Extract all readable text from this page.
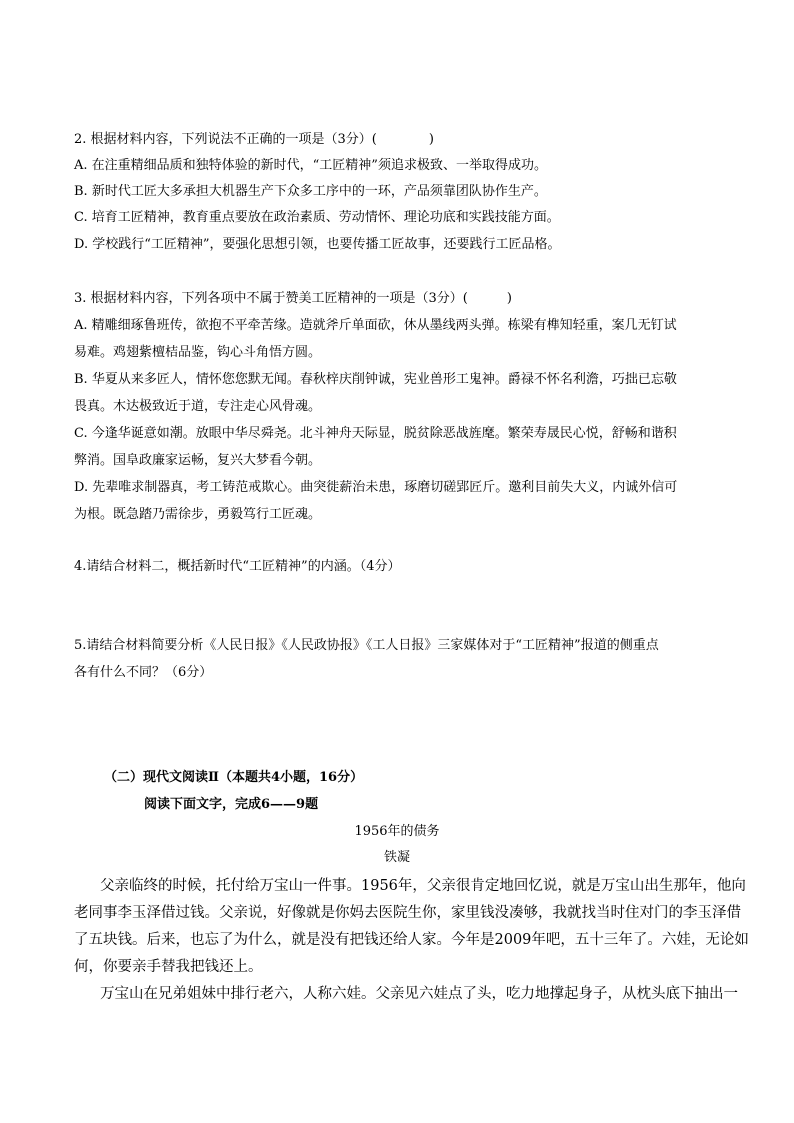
2. 根据材料内容，下列说法不正确的一项是（3分）(　　　　)
A. 在注重精细品质和独特体验的新时代，“工匠精神”须追求极致、一举取得成功。
B. 新时代工匠大多承担大机器生产下众多工序中的一环，产品须靠团队协作生产。
C. 培育工匠精神，教育重点要放在政治素质、劳动情怀、理论功底和实践技能方面。
D. 学校践行“工匠精神”，要强化思想引领，也要传播工匠故事，还要践行工匠品格。
3. 根据材料内容，下列各项中不属于赞美工匠精神的一项是（3分）(　　　)
A. 精雕细琢鲁班传，欲抱不平牵苦缘。造就斧斤单面砍，休从墨线两头弹。栋梁有榫知轻重，案几无钉试
易难。鸡翅紫檀桔品鉴，钩心斗角悟方圆。
B. 华夏从来多匠人，情怀您您默无闻。春秋梓庆削钟诚，宪业兽形工鬼神。爵禄不怀名利澹，巧拙已忘敬
畏真。木达极致近于道，专注走心风骨魂。
C. 今逢华诞意如潮。放眼中华尽舜尧。北斗神舟天际显，脱贫除恶战旌麾。繁荣寿晟民心悦，舒畅和谐积
弊消。国阜政廉家运畅，复兴大梦看今朝。
D. 先辈唯求制器真，考工铸范戒欺心。曲突徙薪治未患，琢磨切磋郢匠斤。邀利目前失大义，内诚外信可
为根。既急踏乃需徐步，勇毅笃行工匠魂。
4.请结合材料二，概括新时代“工匠精神”的内涵。（4分）
5.请结合材料简要分析《人民日报》《人民政协报》《工人日报》三家媒体对于“工匠精神”报道的侧重点
各有什么不同？（6分）
（二）现代文阅读Ⅱ（本题共4小题，16分）
阅读下面文字，完成6——9题
1956年的债务
铁凝
父亲临终的时候，托付给万宝山一件事。1956年，父亲很肯定地回忆说，就是万宝山出生那年，他向
老同事李玉泽借过钱。父亲说，好像就是你妈去医院生你，家里钱没凑够，我就找当时住对门的李玉泽借
了五块钱。后来，也忘了为什么，就是没有把钱还给人家。今年是2009年吧，五十三年了。六娃，无论如
何，你要亲手替我把钱还上。
万宝山在兄弟姐妹中排行老六，人称六娃。父亲见六娃点了头，吃力地撑起身子，从枕头底下抽出一
